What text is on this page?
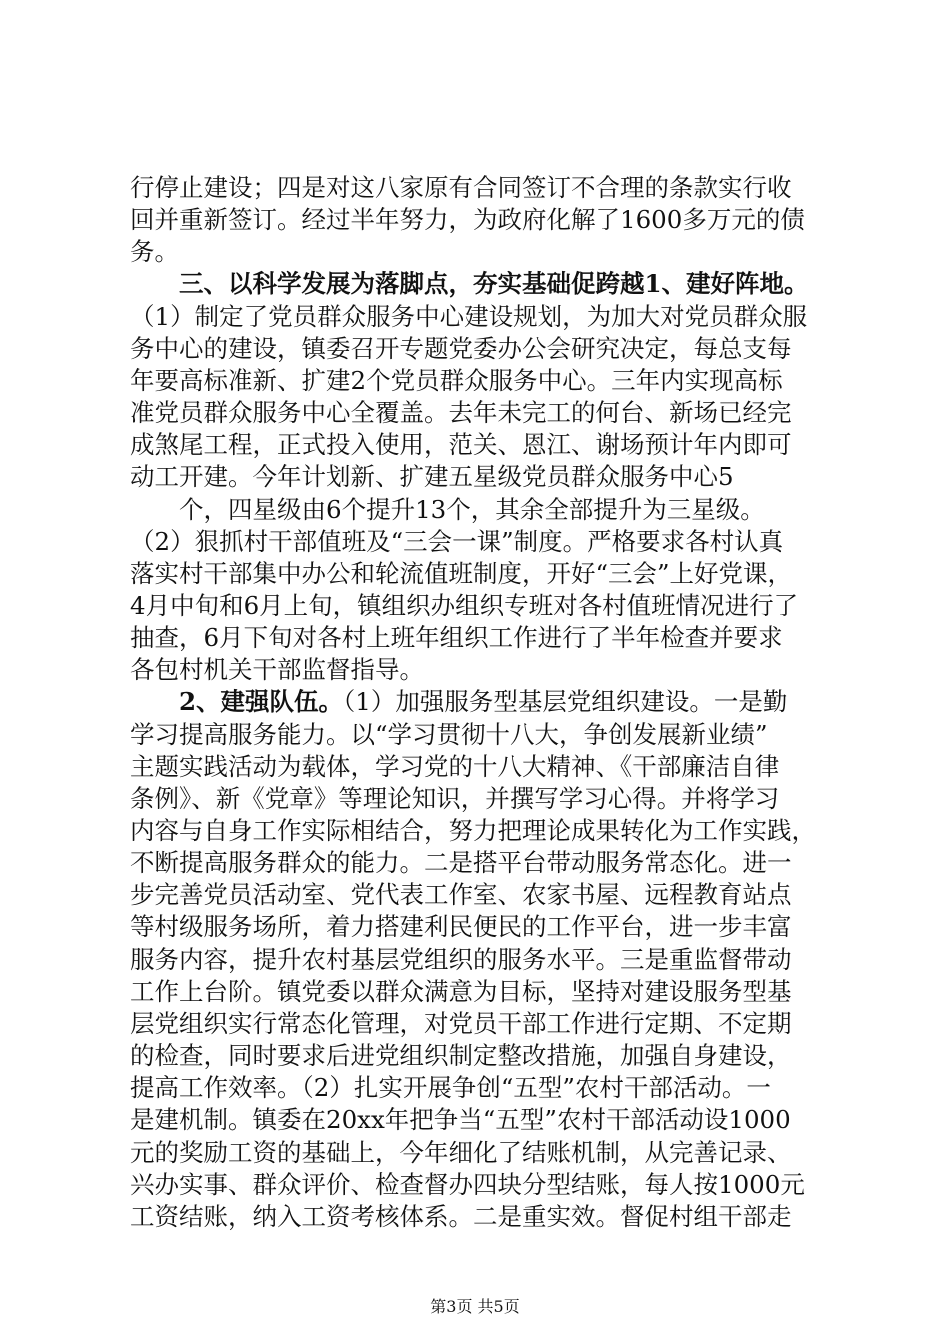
行停止建设；四是对这八家原有合同签订不合理的条款实行收
回并重新签订。经过半年努力，为政府化解了1600多万元的债
务。
　　三、以科学发展为落脚点，夯实基础促跨越1、建好阵地。
（1）制定了党员群众服务中心建设规划，为加大对党员群众服
务中心的建设，镇委召开专题党委办公会研究决定，每总支每
年要高标准新、扩建2个党员群众服务中心。三年内实现高标
准党员群众服务中心全覆盖。去年未完工的何台、新场已经完
成煞尾工程，正式投入使用，范关、恩江、谢场预计年内即可
动工开建。今年计划新、扩建五星级党员群众服务中心5
　　个，四星级由6个提升13个，其余全部提升为三星级。
（2）狠抓村干部值班及“三会一课”制度。严格要求各村认真
落实村干部集中办公和轮流值班制度，开好“三会”上好党课，
4月中旬和6月上旬，镇组织办组织专班对各村值班情况进行了
抽查，6月下旬对各村上班年组织工作进行了半年检查并要求
各包村机关干部监督指导。
　　2、建强队伍。（1）加强服务型基层党组织建设。一是勤
学习提高服务能力。以“学习贯彻十八大，争创发展新业绩”
主题实践活动为载体，学习党的十八大精神、《干部廉洁自律
条例》、新《党章》等理论知识，并撰写学习心得。并将学习
内容与自身工作实际相结合，努力把理论成果转化为工作实践，
不断提高服务群众的能力。二是搭平台带动服务常态化。进一
步完善党员活动室、党代表工作室、农家书屋、远程教育站点
等村级服务场所，着力搭建利民便民的工作平台，进一步丰富
服务内容，提升农村基层党组织的服务水平。三是重监督带动
工作上台阶。镇党委以群众满意为目标，坚持对建设服务型基
层党组织实行常态化管理，对党员干部工作进行定期、不定期
的检查，同时要求后进党组织制定整改措施，加强自身建设，
提高工作效率。（2）扎实开展争创“五型”农村干部活动。一
是建机制。镇委在20xx年把争当“五型”农村干部活动设1000
元的奖励工资的基础上，今年细化了结账机制，从完善记录、
兴办实事、群众评价、检查督办四块分型结账，每人按1000元
工资结账，纳入工资考核体系。二是重实效。督促村组干部走
第3页 共5页
